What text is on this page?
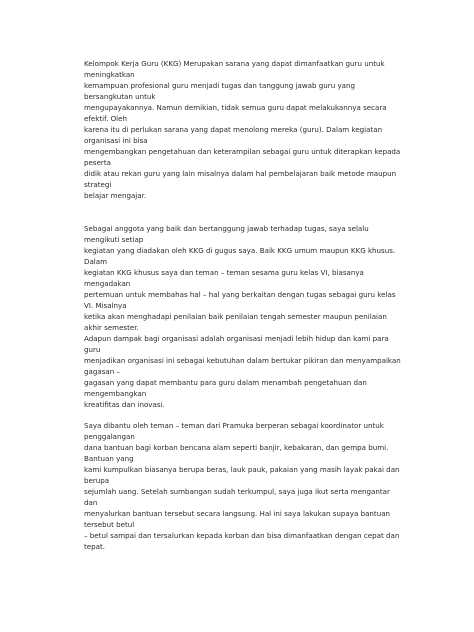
Kelompok Kerja Guru (KKG) Merupakan sarana yang dapat dimanfaatkan guru untuk meningkatkan
kemampuan profesional guru menjadi tugas dan tanggung jawab guru yang bersangkutan untuk
mengupayakannya. Namun demikian, tidak semua guru dapat melakukannya secara efektif. Oleh
karena itu di perlukan sarana yang dapat menolong mereka (guru). Dalam kegiatan organisasi ini bisa
mengembangkan pengetahuan dan keterampilan sebagai guru untuk diterapkan kepada peserta
didik atau rekan guru yang lain misalnya dalam hal pembelajaran baik metode maupun strategi
belajar mengajar.

Sebagai anggota yang baik dan bertanggung jawab terhadap tugas, saya selalu mengikuti setiap
kegiatan yang diadakan oleh KKG di gugus saya. Baik KKG umum maupun KKG khusus. Dalam
kegiatan KKG khusus saya dan teman – teman sesama guru kelas VI, biasanya mengadakan
pertemuan untuk membahas hal – hal yang berkaitan dengan tugas sebagai guru kelas VI. Misalnya
ketika akan menghadapi penilaian baik penilaian tengah semester maupun penilaian akhir semester.
Adapun dampak bagi organisasi adalah organisasi menjadi lebih hidup dan kami para guru
menjadikan organisasi ini sebagai kebutuhan dalam bertukar pikiran dan menyampaikan gagasan –
gagasan yang dapat membantu para guru dalam menambah pengetahuan dan mengembangkan
kreatifitas dan inovasi.

Saya dibantu oleh teman – teman dari Pramuka berperan sebagai koordinator untuk penggalangan
dana bantuan bagi korban bencana alam seperti banjir, kebakaran, dan gempa bumi. Bantuan yang
kami kumpulkan biasanya berupa beras, lauk pauk, pakaian yang masih layak pakai dan berupa
sejumlah uang. Setelah sumbangan sudah terkumpul, saya juga ikut serta mengantar dan
menyalurkan bantuan tersebut secara langsung. Hal ini saya lakukan supaya bantuan tersebut betul
– betul sampai dan tersalurkan kepada korban dan bisa dimanfaatkan dengan cepat dan tepat.
